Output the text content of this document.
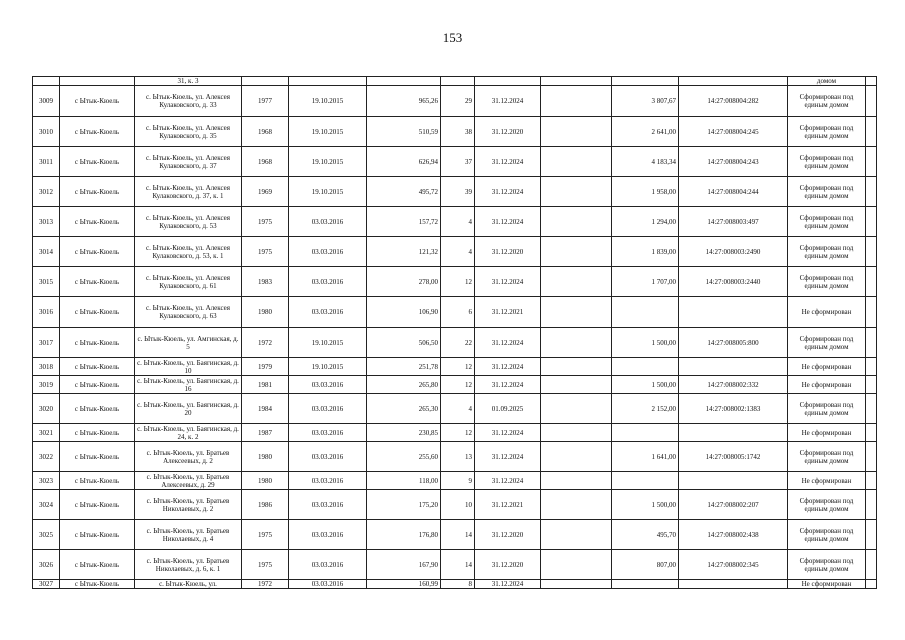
153
		31, к. 3									домом	
3009	с Ытык-Кюель	с. Ытык-Кюель, ул. Алексея Кулаковского, д. 33	1977	19.10.2015	965,26	29	31.12.2024		3 807,67	14:27:008004:282	Сформирован под единым домом	
3010	с Ытык-Кюель	с. Ытык-Кюель, ул. Алексея Кулаковского, д. 35	1968	19.10.2015	510,59	38	31.12.2020		2 641,00	14:27:008004:245	Сформирован под единым домом	
3011	с Ытык-Кюель	с. Ытык-Кюель, ул. Алексея Кулаковского, д. 37	1968	19.10.2015	626,94	37	31.12.2024		4 183,34	14:27:008004:243	Сформирован под единым домом	
3012	с Ытык-Кюель	с. Ытык-Кюель, ул. Алексея Кулаковского, д. 37, к. 1	1969	19.10.2015	495,72	39	31.12.2024		1 958,00	14:27:008004:244	Сформирован под единым домом	
3013	с Ытык-Кюель	с. Ытык-Кюель, ул. Алексея Кулаковского, д. 53	1975	03.03.2016	157,72	4	31.12.2024		1 294,00	14:27:008003:497	Сформирован под единым домом	
3014	с Ытык-Кюель	с. Ытык-Кюель, ул. Алексея Кулаковского, д. 53, к. 1	1975	03.03.2016	121,32	4	31.12.2020		1 839,00	14:27:008003:2490	Сформирован под единым домом	
3015	с Ытык-Кюель	с. Ытык-Кюель, ул. Алексея Кулаковского, д. 61	1983	03.03.2016	278,00	12	31.12.2024		1 707,00	14:27:008003:2440	Сформирован под единым домом	
3016	с Ытык-Кюель	с. Ытык-Кюель, ул. Алексея Кулаковского, д. 63	1980	03.03.2016	106,90	6	31.12.2021				Не сформирован	
3017	с Ытык-Кюель	с. Ытык-Кюель, ул. Амгинская, д. 5	1972	19.10.2015	506,50	22	31.12.2024		1 500,00	14:27:008005:800	Сформирован под единым домом	
3018	с Ытык-Кюель	с. Ытык-Кюель, ул. Баягинская, д. 10	1979	19.10.2015	251,78	12	31.12.2024				Не сформирован	
3019	с Ытык-Кюель	с. Ытык-Кюель, ул. Баягинская, д. 16	1981	03.03.2016	265,80	12	31.12.2024		1 500,00	14:27:008002:332	Не сформирован	
3020	с Ытык-Кюель	с. Ытык-Кюель, ул. Баягинская, д. 20	1984	03.03.2016	265,30	4	01.09.2025		2 152,00	14:27:008002:1383	Сформирован под единым домом	
3021	с Ытык-Кюель	с. Ытык-Кюель, ул. Баягинская, д. 24, к. 2	1987	03.03.2016	230,85	12	31.12.2024				Не сформирован	
3022	с Ытык-Кюель	с. Ытык-Кюель, ул. Братьев Алексеевых, д. 2	1980	03.03.2016	255,60	13	31.12.2024		1 641,00	14:27:008005:1742	Сформирован под единым домом	
3023	с Ытык-Кюель	с. Ытык-Кюель, ул. Братьев Алексеевых, д. 29	1980	03.03.2016	118,00	9	31.12.2024				Не сформирован	
3024	с Ытык-Кюель	с. Ытык-Кюель, ул. Братьев Николаевых, д. 2	1986	03.03.2016	175,20	10	31.12.2021		1 500,00	14:27:008002:207	Сформирован под единым домом	
3025	с Ытык-Кюель	с. Ытык-Кюель, ул. Братьев Николаевых, д. 4	1975	03.03.2016	176,80	14	31.12.2020		495,70	14:27:008002:438	Сформирован под единым домом	
3026	с Ытык-Кюель	с. Ытык-Кюель, ул. Братьев Николаевых, д. 6, к. 1	1975	03.03.2016	167,90	14	31.12.2020		807,00	14:27:008002:345	Сформирован под единым домом	
3027	с Ытык-Кюель	с. Ытык-Кюель, ул.	1972	03.03.2016	160,99	8	31.12.2024				Не сформирован	
